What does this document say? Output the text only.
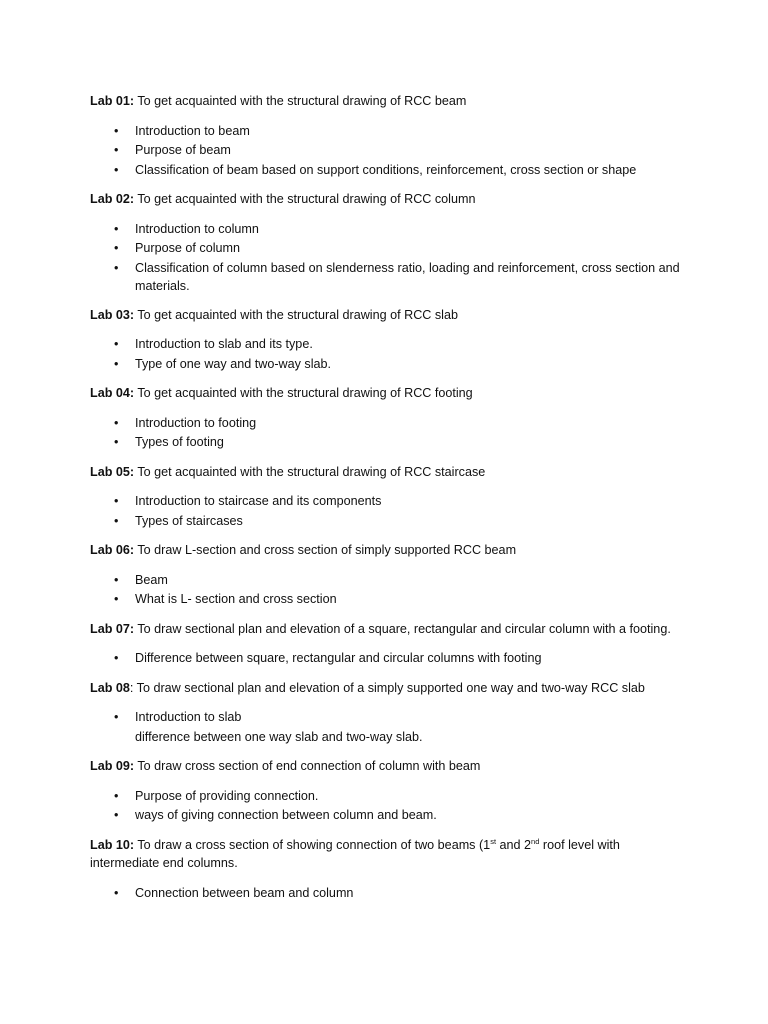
Lab 01: To get acquainted with the structural drawing of RCC beam

• Introduction to beam
• Purpose of beam
• Classification of beam based on support conditions, reinforcement, cross section or shape

Lab 02: To get acquainted with the structural drawing of RCC column

• Introduction to column
• Purpose of column
• Classification of column based on slenderness ratio, loading and reinforcement, cross section and materials.

Lab 03: To get acquainted with the structural drawing of RCC slab

• Introduction to slab and its type.
• Type of one way and two-way slab.

Lab 04: To get acquainted with the structural drawing of RCC footing

• Introduction to footing
• Types of footing

Lab 05: To get acquainted with the structural drawing of RCC staircase

• Introduction to staircase and its components
• Types of staircases

Lab 06: To draw L-section and cross section of simply supported RCC beam

• Beam
• What is L- section and cross section

Lab 07: To draw sectional plan and elevation of a square, rectangular and circular column with a footing.

• Difference between square, rectangular and circular columns with footing

Lab 08: To draw sectional plan and elevation of a simply supported one way and two-way RCC slab

• Introduction to slab
difference between one way slab and two-way slab.

Lab 09: To draw cross section of end connection of column with beam

• Purpose of providing connection.
• ways of giving connection between column and beam.

Lab 10: To draw a cross section of showing connection of two beams (1st and 2nd roof level with intermediate end columns.

• Connection between beam and column
